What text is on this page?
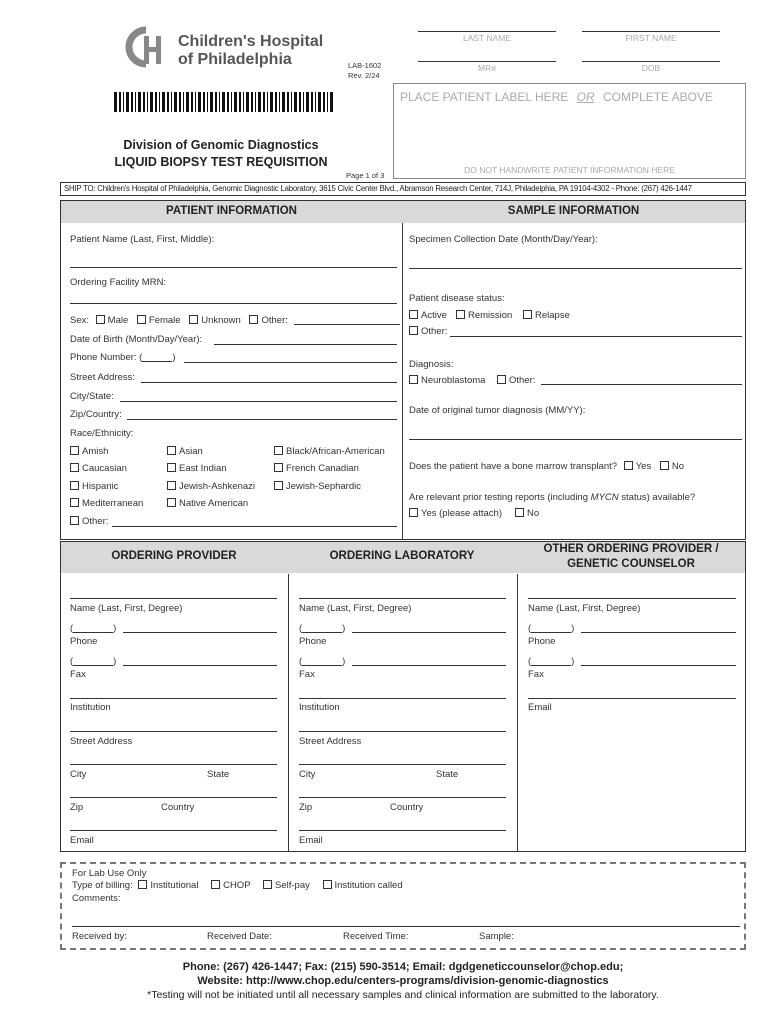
Children's Hospital
of Philadelphia	LAB-1602
Rev. 2/24
Division of Genomic Diagnostics
LIQUID BIOPSY TEST REQUISITION
Page 1 of 3
LAST NAME	FIRST NAME
MR#	DOB
PLACE PATIENT LABEL HERE OR COMPLETE ABOVE
DO NOT HANDWRITE PATIENT INFORMATION HERE
SHIP TO: Children's Hospital of Philadelphia, Genomic Diagnostic Laboratory, 3615 Civic Center Blvd., Abramson Research Center, 714J, Philadelphia, PA 19104-4302 - Phone: (267) 426-1447
PATIENT INFORMATION	SAMPLE INFORMATION
Patient Name (Last, First, Middle):
Ordering Facility MRN:
Sex: Male Female Unknown Other:
Date of Birth (Month/Day/Year):
Phone Number: (	)
Street Address:
City/State:
Zip/Country:
Race/Ethnicity:
Amish	Asian	Black/African-American
Caucasian	East Indian	French Canadian
Hispanic	Jewish-Ashkenazi	Jewish-Sephardic
Mediterranean	Native American
Other:
Specimen Collection Date (Month/Day/Year):
Patient disease status:
Active	Remission	Relapse
Other:
Diagnosis:
Neuroblastoma	Other:
Date of original tumor diagnosis (MM/YY):
Does the patient have a bone marrow transplant? Yes No
Are relevant prior testing reports (including MYCN status) available?
Yes (please attach)	No
ORDERING PROVIDER	ORDERING LABORATORY
OTHER ORDERING PROVIDER /
GENETIC COUNSELOR
Name (Last, First, Degree)
(	)
Phone
(	)
Fax
Institution
Street Address
City	State
Zip	Country
Email
Name (Last, First, Degree)
(	)
Phone
(	)
Fax
Institution
Street Address
City	State
Zip	Country
Email
Name (Last, First, Degree)
(	)
Phone
(	)
Fax
Email
For Lab Use Only
Type of billing: Institutional	CHOP	Self-pay	Institution called
Comments:
Received by:	Received Date:	Received Time:	Sample:
Phone: (267) 426-1447; Fax: (215) 590-3514; Email: dgdgeneticcounselor@chop.edu;
Website: http://www.chop.edu/centers-programs/division-genomic-diagnostics
*Testing will not be initiated until all necessary samples and clinical information are submitted to the laboratory.
